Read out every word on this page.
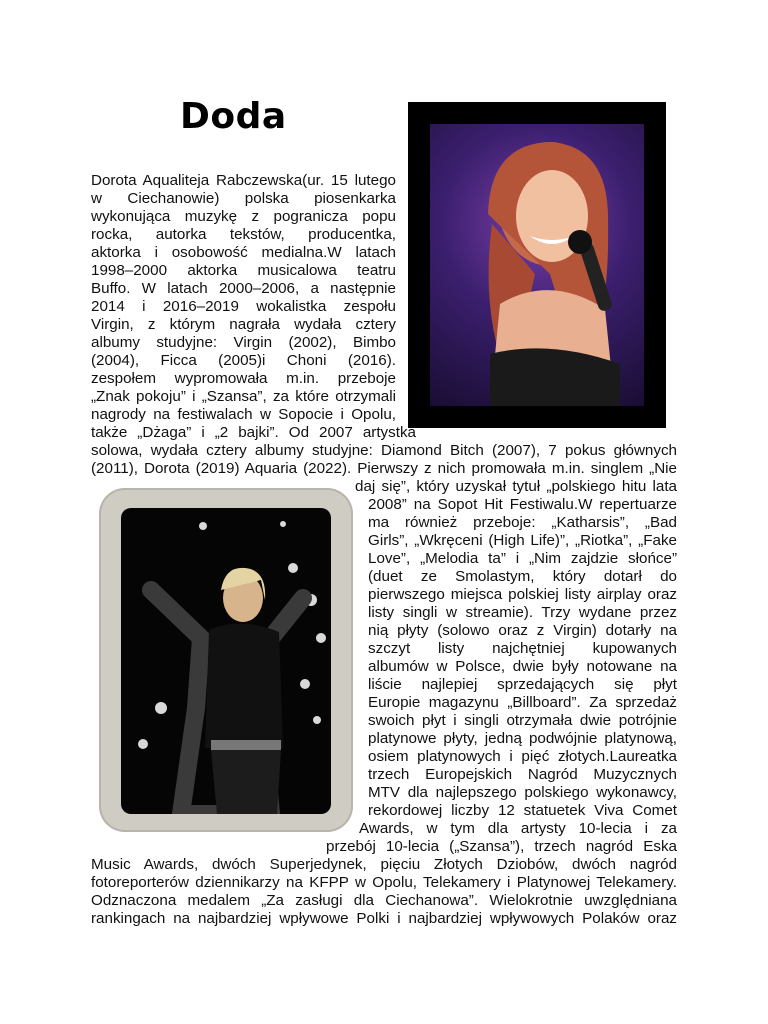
Doda
Dorota Aqualiteja Rabczewska(ur. 15 lutego
w Ciechanowie) polska piosenkarka
wykonująca muzykę z pogranicza popu
rocka, autorka tekstów, producentka,
aktorka i osobowość medialna.W latach
1998–2000 aktorka musicalowa teatru
Buffo. W latach 2000–2006, a następnie
2014 i 2016–2019 wokalistka zespołu
Virgin, z którym nagrała wydała cztery
albumy studyjne: Virgin (2002), Bimbo
(2004), Ficca (2005)i Choni (2016).
zespołem wypromowała m.in. przeboje
„Znak pokoju” i „Szansa”, za które otrzymali
nagrody na festiwalach w Sopocie i Opolu,
także „Dżaga” i „2 bajki”. Od 2007 artystka
solowa, wydała cztery albumy studyjne: Diamond Bitch (2007), 7 pokus głównych
(2011), Dorota (2019) Aquaria (2022). Pierwszy z nich promowała m.in. singlem „Nie
daj się”, który uzyskał tytuł „polskiego hitu lata
2008” na Sopot Hit Festiwalu.W repertuarze
ma również przeboje: „Katharsis”, „Bad
Girls”, „Wkręceni (High Life)”, „Riotka”, „Fake
Love”, „Melodia ta” i „Nim zajdzie słońce”
(duet ze Smolastym, który dotarł do
pierwszego miejsca polskiej listy airplay oraz
listy singli w streamie). Trzy wydane przez
nią płyty (solowo oraz z Virgin) dotarły na
szczyt listy najchętniej kupowanych
albumów w Polsce, dwie były notowane na
liście najlepiej sprzedających się płyt
Europie magazynu „Billboard”. Za sprzedaż
swoich płyt i singli otrzymała dwie potrójnie
platynowe płyty, jedną podwójnie platynową,
osiem platynowych i pięć złotych.Laureatka
trzech Europejskich Nagród Muzycznych
MTV dla najlepszego polskiego wykonawcy,
rekordowej liczby 12 statuetek Viva Comet
Awards, w tym dla artysty 10-lecia i za
przebój 10-lecia („Szansa”), trzech nagród Eska
Music Awards, dwóch Superjedynek, pięciu Złotych Dziobów, dwóch nagród
fotoreporterów dziennikarzy na KFPP w Opolu, Telekamery i Platynowej Telekamery.
Odznaczona medalem „Za zasługi dla Ciechanowa”. Wielokrotnie uwzględniana
rankingach na najbardziej wpływowe Polki i najbardziej wpływowych Polaków oraz
